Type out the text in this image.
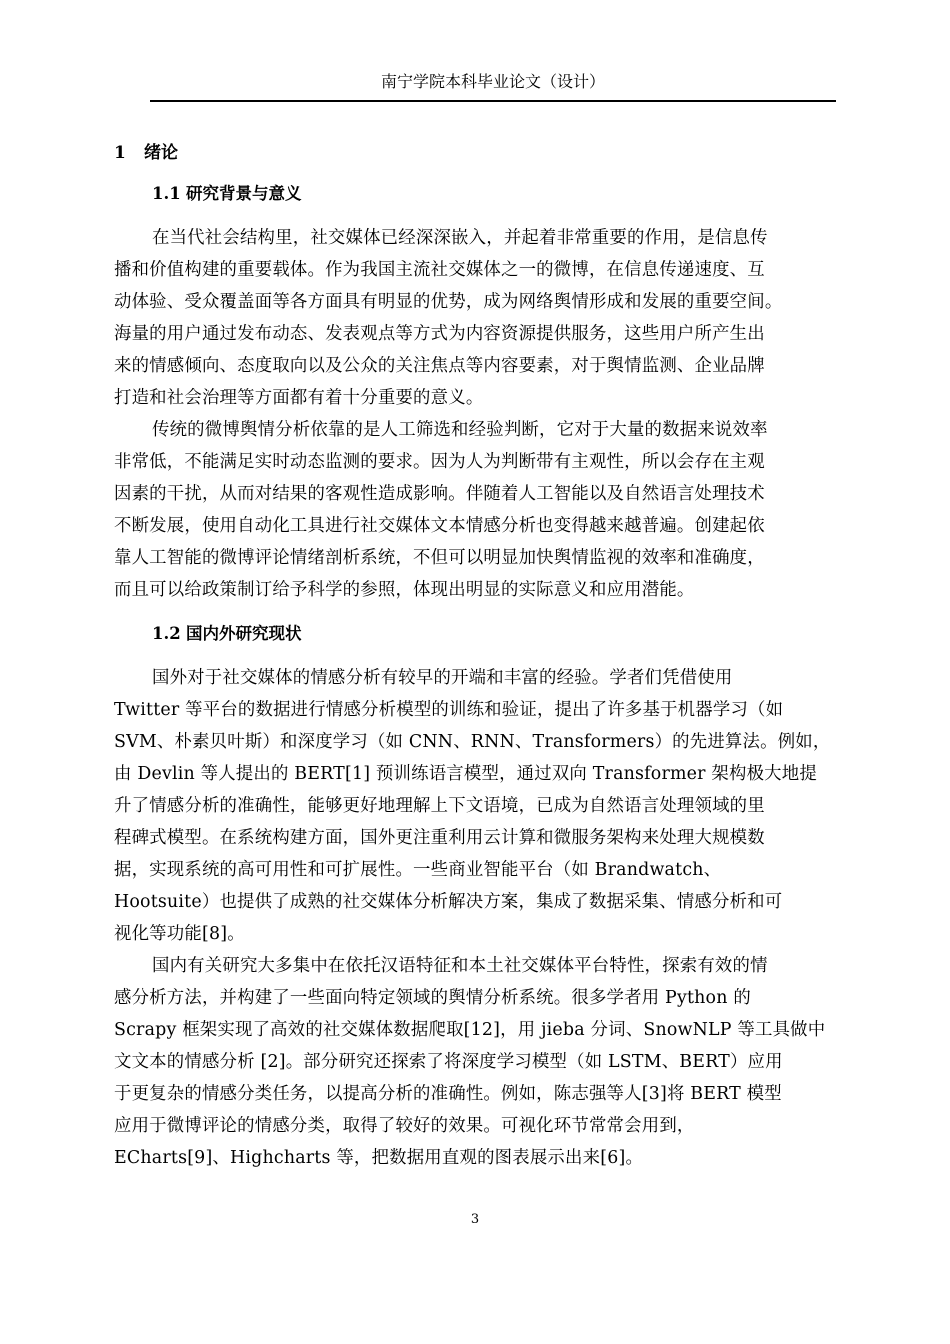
南宁学院本科毕业论文（设计）
1	绪论
1.1 研究背景与意义

在当代社会结构里，社交媒体已经深深嵌入，并起着非常重要的作用，是信息传
播和价值构建的重要载体。作为我国主流社交媒体之一的微博，在信息传递速度、互
动体验、受众覆盖面等各方面具有明显的优势，成为网络舆情形成和发展的重要空间。
海量的用户通过发布动态、发表观点等方式为内容资源提供服务，这些用户所产生出
来的情感倾向、态度取向以及公众的关注焦点等内容要素，对于舆情监测、企业品牌
打造和社会治理等方面都有着十分重要的意义。

传统的微博舆情分析依靠的是人工筛选和经验判断，它对于大量的数据来说效率
非常低，不能满足实时动态监测的要求。因为人为判断带有主观性，所以会存在主观
因素的干扰，从而对结果的客观性造成影响。伴随着人工智能以及自然语言处理技术
不断发展，使用自动化工具进行社交媒体文本情感分析也变得越来越普遍。创建起依
靠人工智能的微博评论情绪剖析系统，不但可以明显加快舆情监视的效率和准确度，
而且可以给政策制订给予科学的参照，体现出明显的实际意义和应用潜能。

1.2 国内外研究现状

国外对于社交媒体的情感分析有较早的开端和丰富的经验。学者们凭借使用
Twitter 等平台的数据进行情感分析模型的训练和验证，提出了许多基于机器学习（如
SVM、朴素贝叶斯）和深度学习（如 CNN、RNN、Transformers）的先进算法。例如，
由 Devlin 等人提出的 BERT[1] 预训练语言模型，通过双向 Transformer 架构极大地提
升了情感分析的准确性，能够更好地理解上下文语境，已成为自然语言处理领域的里
程碑式模型。在系统构建方面，国外更注重利用云计算和微服务架构来处理大规模数
据，实现系统的高可用性和可扩展性。一些商业智能平台（如 Brandwatch、
Hootsuite）也提供了成熟的社交媒体分析解决方案，集成了数据采集、情感分析和可
视化等功能[8]。

国内有关研究大多集中在依托汉语特征和本土社交媒体平台特性，探索有效的情
感分析方法，并构建了一些面向特定领域的舆情分析系统。很多学者用 Python 的
Scrapy 框架实现了高效的社交媒体数据爬取[12]，用 jieba 分词、SnowNLP 等工具做中
文文本的情感分析 [2]。部分研究还探索了将深度学习模型（如 LSTM、BERT）应用
于更复杂的情感分类任务，以提高分析的准确性。例如，陈志强等人[3]将 BERT 模型
应用于微博评论的情感分类，取得了较好的效果。可视化环节常常会用到，
ECharts[9]、Highcharts 等，把数据用直观的图表展示出来[6]。

3
